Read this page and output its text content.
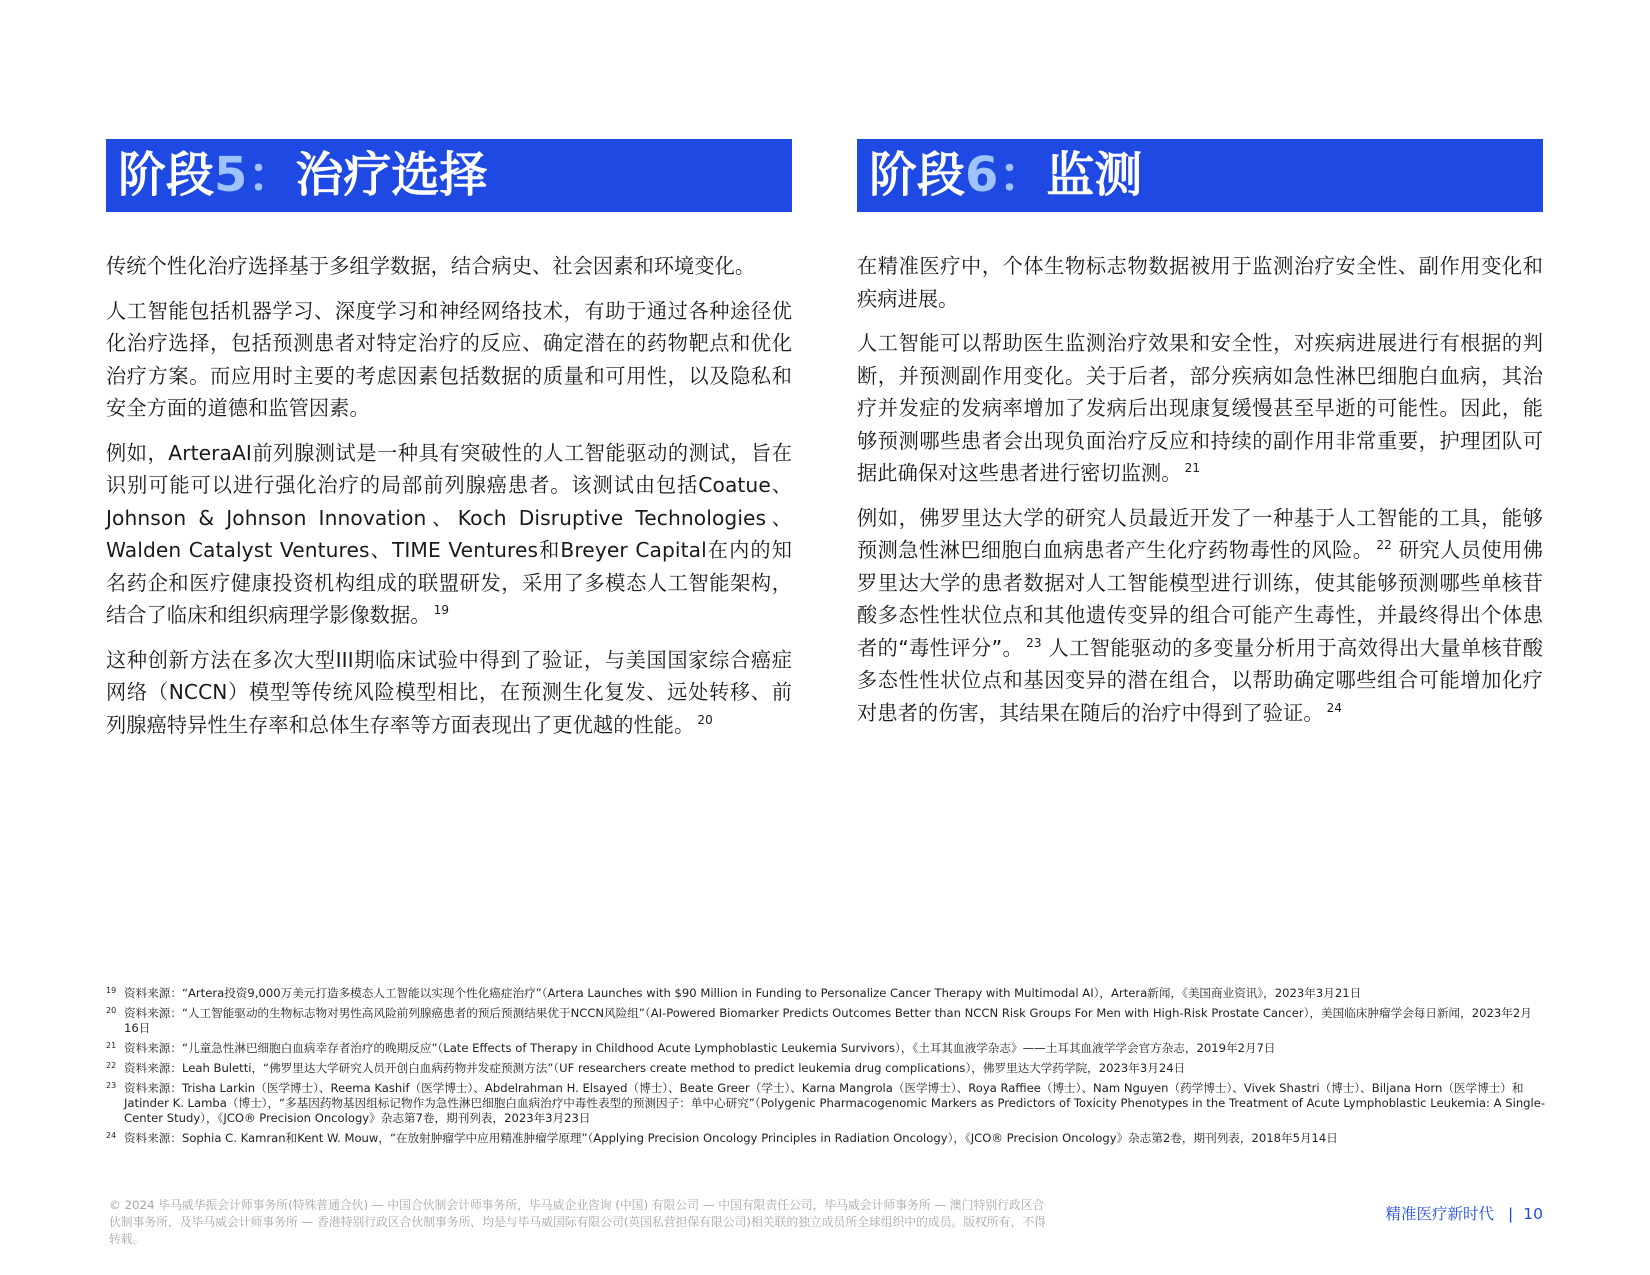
阶段5：治疗选择

传统个性化治疗选择基于多组学数据，结合病史、社会因素和环境变化。

人工智能包括机器学习、深度学习和神经网络技术，有助于通过各种途径优化治疗选择，包括预测患者对特定治疗的反应、确定潜在的药物靶点和优化治疗方案。而应用时主要的考虑因素包括数据的质量和可用性，以及隐私和安全方面的道德和监管因素。

例如，ArteraAI前列腺测试是一种具有突破性的人工智能驱动的测试，旨在识别可能可以进行强化治疗的局部前列腺癌患者。该测试由包括Coatue、Johnson & Johnson Innovation、Koch Disruptive Technologies、Walden Catalyst Ventures、TIME Ventures和Breyer Capital在内的知名药企和医疗健康投资机构组成的联盟研发，采用了多模态人工智能架构，结合了临床和组织病理学影像数据。 $^{19}$

这种创新方法在多次大型III期临床试验中得到了验证，与美国国家综合癌症网络（NCCN）模型等传统风险模型相比，在预测生化复发、远处转移、前列腺癌特异性生存率和总体生存率等方面表现出了更优越的性能。 $^{20}$

阶段6：监测

在精准医疗中，个体生物标志物数据被用于监测治疗安全性、副作用变化和疾病进展。

人工智能可以帮助医生监测治疗效果和安全性，对疾病进展进行有根据的判断，并预测副作用变化。关于后者，部分疾病如急性淋巴细胞白血病，其治疗并发症的发病率增加了发病后出现康复缓慢甚至早逝的可能性。因此，能够预测哪些患者会出现负面治疗反应和持续的副作用非常重要，护理团队可据此确保对这些患者进行密切监测。 $^{21}$

例如，佛罗里达大学的研究人员最近开发了一种基于人工智能的工具，能够预测急性淋巴细胞白血病患者产生化疗药物毒性的风险。 $^{22}$ 研究人员使用佛罗里达大学的患者数据对人工智能模型进行训练，使其能够预测哪些单核苷酸多态性性状位点和其他遗传变异的组合可能产生毒性，并最终得出个体患者的“毒性评分”。 $^{23}$ 人工智能驱动的多变量分析用于高效得出大量单核苷酸多态性性状位点和基因变异的潜在组合，以帮助确定哪些组合可能增加化疗对患者的伤害，其结果在随后的治疗中得到了验证。 $^{24}$

19 资料来源：“Artera投资9,000万美元打造多模态人工智能以实现个性化癌症治疗”（Artera Launches with $90 Million in Funding to Personalize Cancer Therapy with Multimodal AI），Artera新闻，《美国商业资讯》，2023年3月21日
20 资料来源：“人工智能驱动的生物标志物对男性高风险前列腺癌患者的预后预测结果优于NCCN风险组”（AI-Powered Biomarker Predicts Outcomes Better than NCCN Risk Groups For Men with High-Risk Prostate Cancer），美国临床肿瘤学会每日新闻，2023年2月16日
21 资料来源：“儿童急性淋巴细胞白血病幸存者治疗的晚期反应”（Late Effects of Therapy in Childhood Acute Lymphoblastic Leukemia Survivors），《土耳其血液学杂志》——土耳其血液学学会官方杂志，2019年2月7日
22 资料来源：Leah Buletti，“佛罗里达大学研究人员开创白血病药物并发症预测方法”（UF researchers create method to predict leukemia drug complications），佛罗里达大学药学院，2023年3月24日
23 资料来源：Trisha Larkin（医学博士）、Reema Kashif（医学博士）、Abdelrahman H. Elsayed（博士）、Beate Greer（学士）、Karna Mangrola（医学博士）、Roya Raffiee（博士）、Nam Nguyen（药学博士）、Vivek Shastri（博士）、Biljana Horn（医学博士）和Jatinder K. Lamba（博士），“多基因药物基因组标记物作为急性淋巴细胞白血病治疗中毒性表型的预测因子：单中心研究”（Polygenic Pharmacogenomic Markers as Predictors of Toxicity Phenotypes in the Treatment of Acute Lymphoblastic Leukemia: A Single-Center Study），《JCO® Precision Oncology》杂志第7卷，期刊列表，2023年3月23日
24 资料来源：Sophia C. Kamran和Kent W. Mouw，“在放射肿瘤学中应用精准肿瘤学原理”（Applying Precision Oncology Principles in Radiation Oncology），《JCO® Precision Oncology》杂志第2卷，期刊列表，2018年5月14日
© 2024 毕马威华振会计师事务所(特殊普通合伙) — 中国合伙制会计师事务所，毕马威企业咨询 (中国) 有限公司 — 中国有限责任公司，毕马威会计师事务所 — 澳门特别行政区合伙制事务所，及毕马威会计师事务所 — 香港特别行政区合伙制事务所，均是与毕马威国际有限公司(英国私营担保有限公司)相关联的独立成员所全球组织中的成员。版权所有，不得转载。
精准医疗新时代 | 10
